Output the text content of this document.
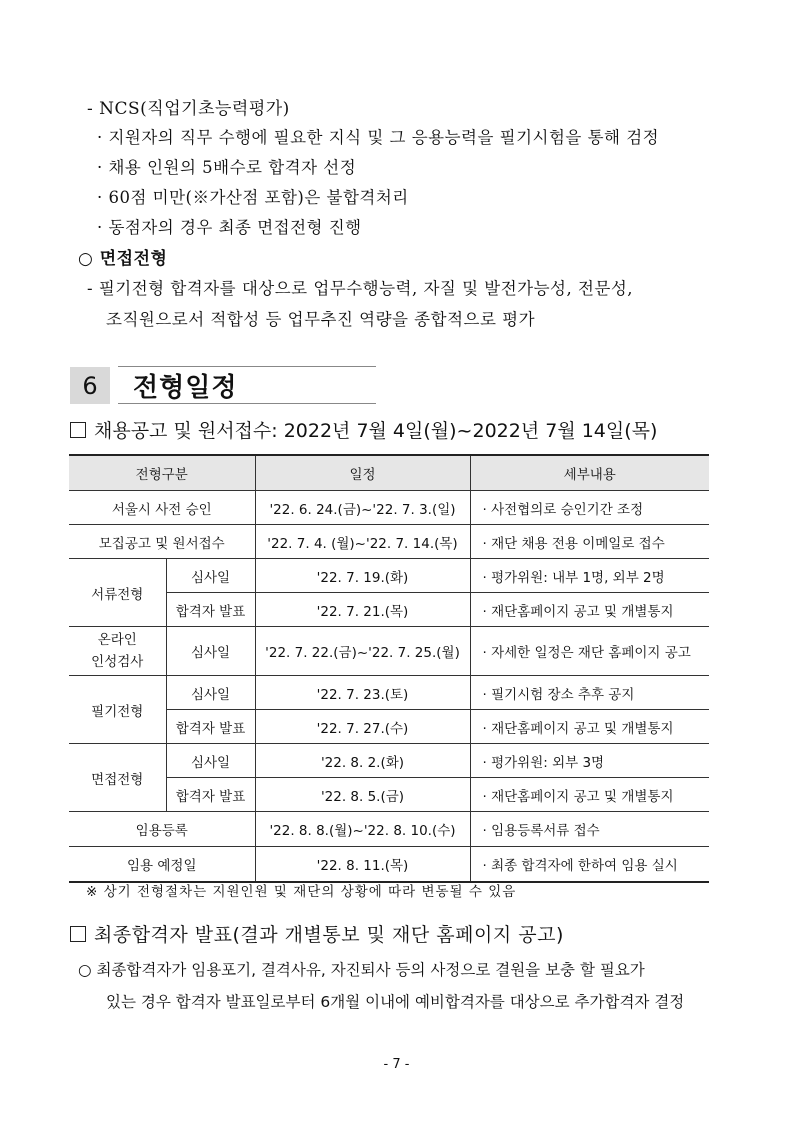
- NCS(직업기초능력평가)
· 지원자의 직무 수행에 필요한 지식 및 그 응용능력을 필기시험을 통해 검정
· 채용 인원의 5배수로 합격자 선정
· 60점 미만(※가산점 포함)은 불합격처리
· 동점자의 경우 최종 면접전형 진행
○ 면접전형
- 필기전형 합격자를 대상으로 업무수행능력, 자질 및 발전가능성, 전문성,
조직원으로서 적합성 등 업무추진 역량을 종합적으로 평가
6	전형일정
채용공고 및 원서접수: 2022년 7월 4일(월)~2022년 7월 14일(목)
전형구분		일정	세부내용
서울시 사전 승인		'22. 6. 24.(금)~'22. 7. 3.(일)	· 사전협의로 승인기간 조정
모집공고 및 원서접수		'22. 7. 4. (월)~'22. 7. 14.(목)	· 재단 채용 전용 이메일로 접수
서류전형	심사일	'22. 7. 19.(화)	· 평가위원: 내부 1명, 외부 2명
	합격자 발표	'22. 7. 21.(목)	· 재단홈페이지 공고 및 개별통지
온라인
인성검사	심사일	'22. 7. 22.(금)~'22. 7. 25.(월)	· 자세한 일정은 재단 홈페이지 공고
필기전형	심사일	'22. 7. 23.(토)	· 필기시험 장소 추후 공지
	합격자 발표	'22. 7. 27.(수)	· 재단홈페이지 공고 및 개별통지
면접전형	심사일	'22. 8. 2.(화)	· 평가위원: 외부 3명
	합격자 발표	'22. 8. 5.(금)	· 재단홈페이지 공고 및 개별통지
임용등록		'22. 8. 8.(월)~'22. 8. 10.(수)	· 임용등록서류 접수
임용 예정일		'22. 8. 11.(목)	· 최종 합격자에 한하여 임용 실시
※ 상기 전형절차는 지원인원 및 재단의 상황에 따라 변동될 수 있음
최종합격자 발표(결과 개별통보 및 재단 홈페이지 공고)
○ 최종합격자가 임용포기, 결격사유, 자진퇴사 등의 사정으로 결원을 보충 할 필요가
있는 경우 합격자 발표일로부터 6개월 이내에 예비합격자를 대상으로 추가합격자 결정
- 7 -
